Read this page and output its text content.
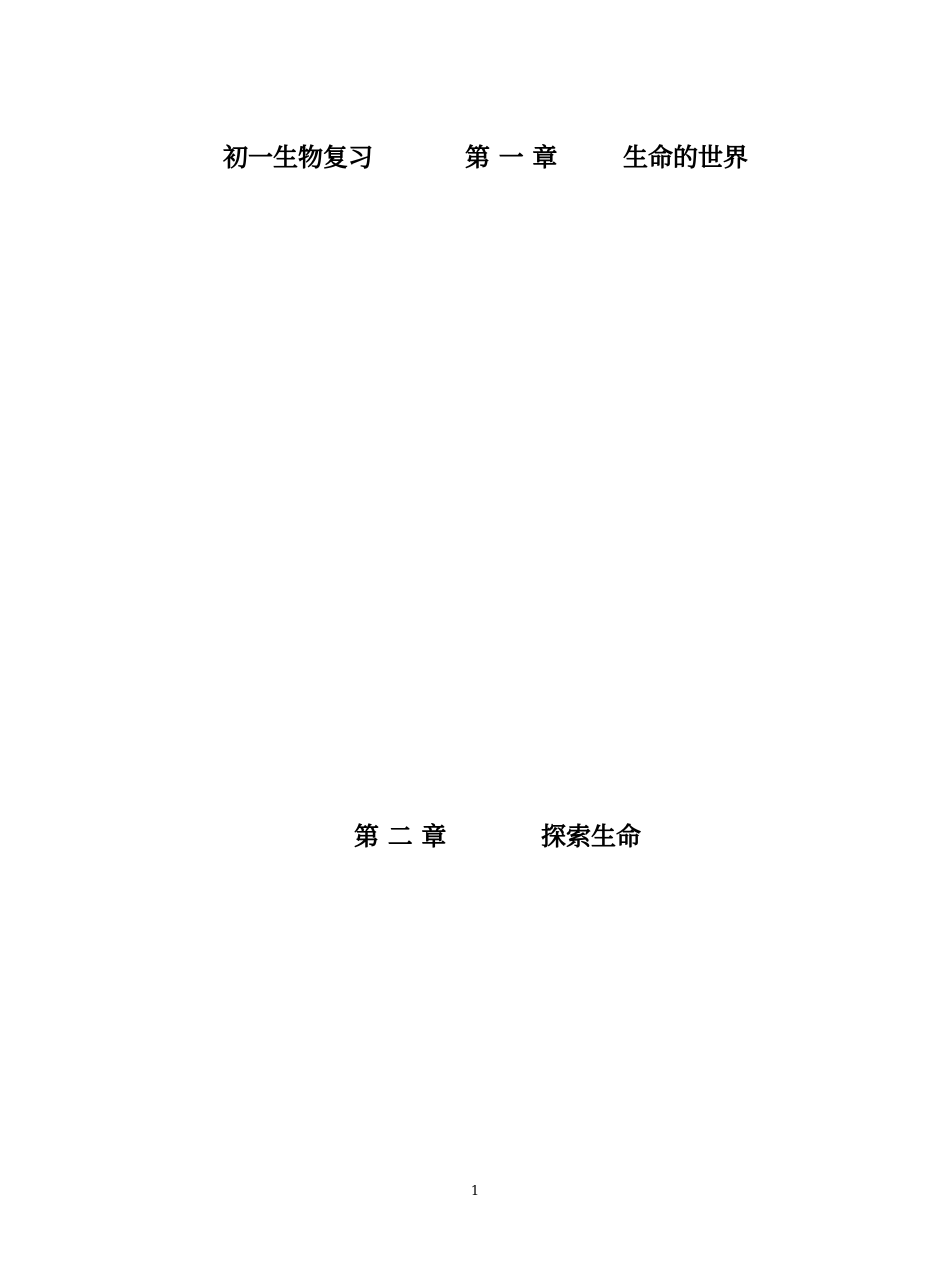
初一生物复习

	第 一 章

	生命的世界

第 二 章

	探索生命

1
